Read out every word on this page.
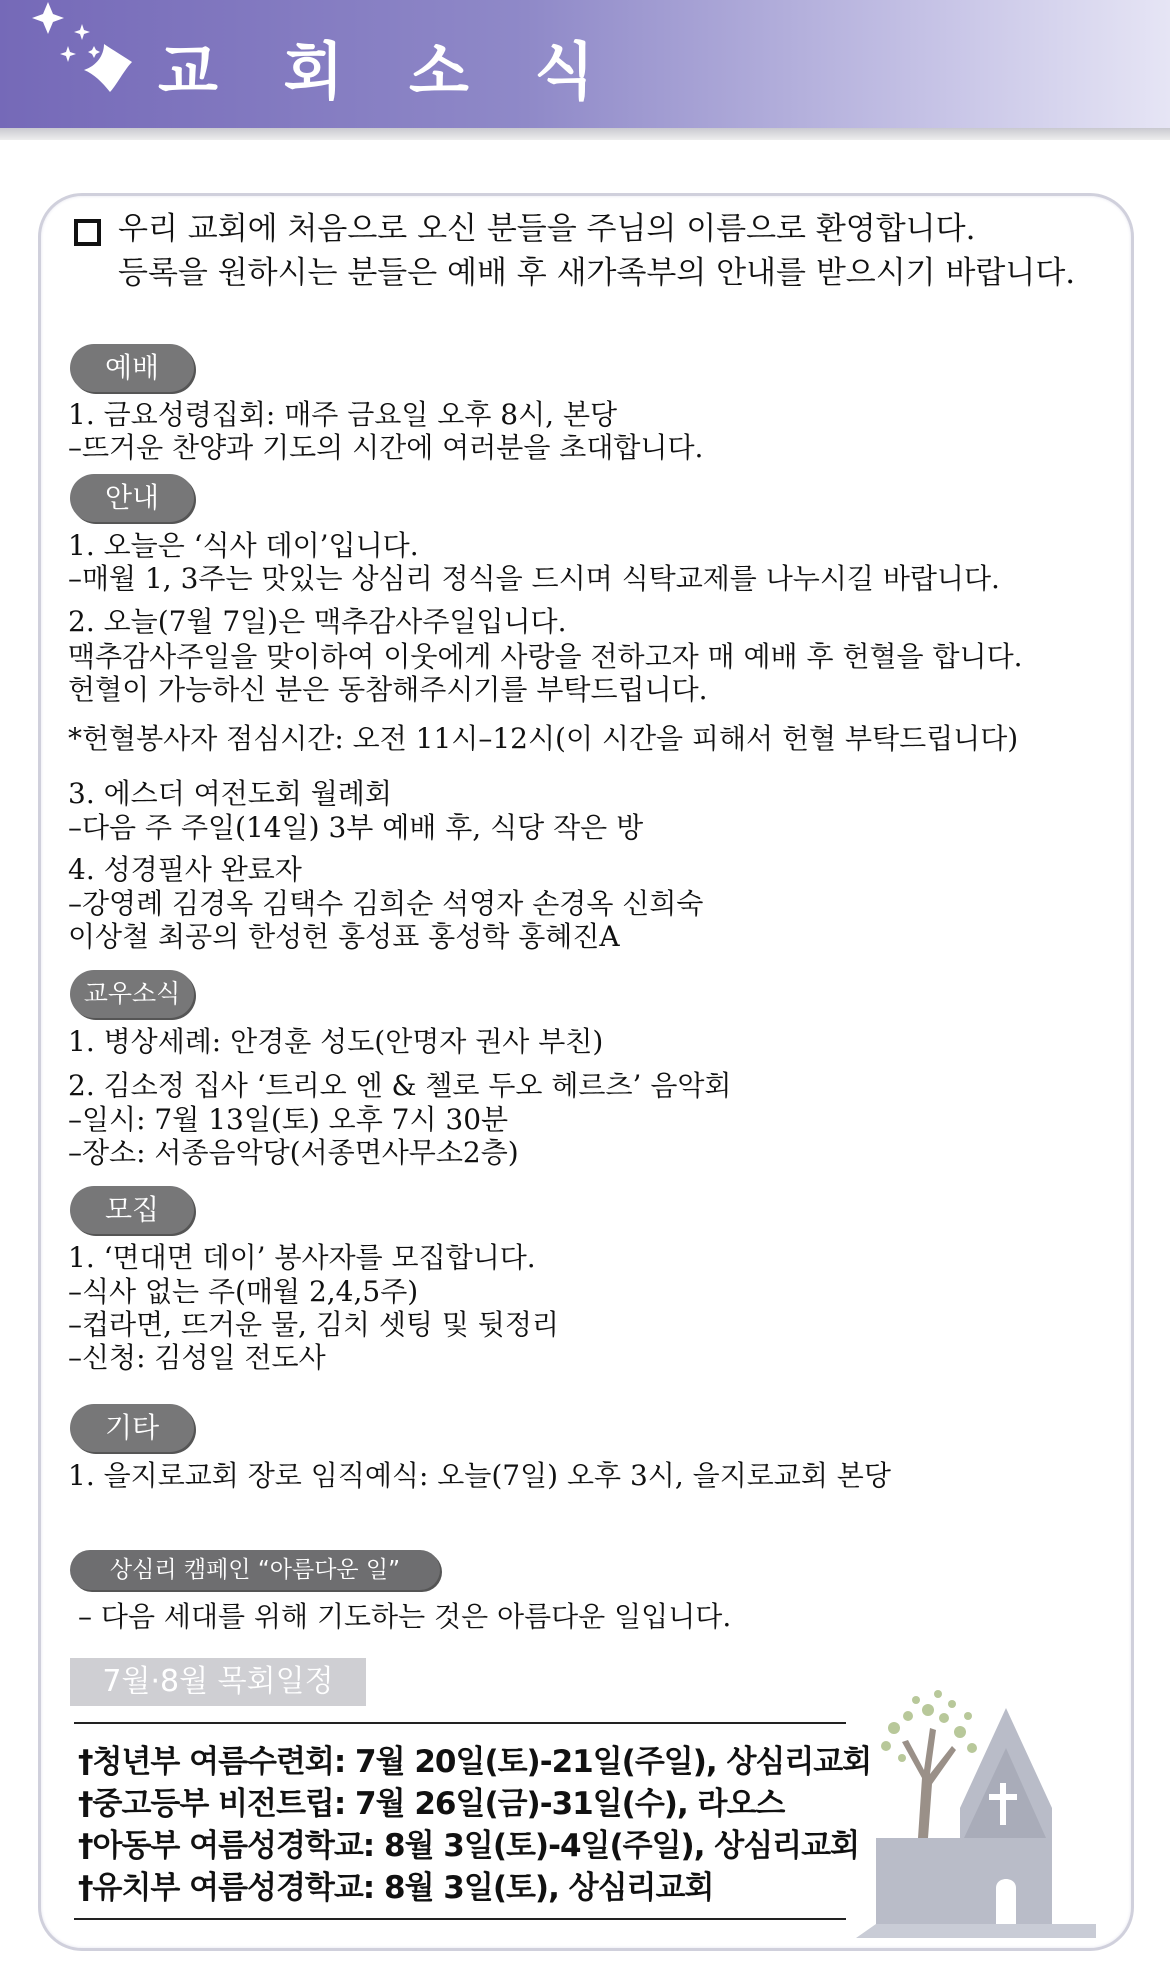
교 회 소 식
우리 교회에 처음으로 오신 분들을 주님의 이름으로 환영합니다.
등록을 원하시는 분들은 예배 후 새가족부의 안내를 받으시기 바랍니다.
예배
1. 금요성령집회: 매주 금요일 오후 8시, 본당
–뜨거운 찬양과 기도의 시간에 여러분을 초대합니다.
안내
1. 오늘은 ‘식사 데이’입니다.
–매월 1, 3주는 맛있는 상심리 정식을 드시며 식탁교제를 나누시길 바랍니다.
2. 오늘(7월 7일)은 맥추감사주일입니다.
맥추감사주일을 맞이하여 이웃에게 사랑을 전하고자 매 예배 후 헌혈을 합니다.
헌혈이 가능하신 분은 동참해주시기를 부탁드립니다.
*헌혈봉사자 점심시간: 오전 11시–12시(이 시간을 피해서 헌혈 부탁드립니다)
3. 에스더 여전도회 월례회
–다음 주 주일(14일) 3부 예배 후, 식당 작은 방
4. 성경필사 완료자
–강영례 김경옥 김택수 김희순 석영자 손경옥 신희숙
이상철 최공의 한성헌 홍성표 홍성학 홍혜진A
교우소식
1. 병상세례: 안경훈 성도(안명자 권사 부친)
2. 김소정 집사 ‘트리오 엔 & 첼로 두오 헤르츠’ 음악회
–일시: 7월 13일(토) 오후 7시 30분
–장소: 서종음악당(서종면사무소2층)
모집
1. ‘면대면 데이’ 봉사자를 모집합니다.
–식사 없는 주(매월 2,4,5주)
–컵라면, 뜨거운 물, 김치 셋팅 및 뒷정리
–신청: 김성일 전도사
기타
1. 을지로교회 장로 임직예식: 오늘(7일) 오후 3시, 을지로교회 본당
상심리 캠페인 “아름다운 일”
– 다음 세대를 위해 기도하는 것은 아름다운 일입니다.
7월·8월 목회일정
†청년부 여름수련회: 7월 20일(토)-21일(주일), 상심리교회
†중고등부 비전트립: 7월 26일(금)-31일(수), 라오스
†아동부 여름성경학교: 8월 3일(토)-4일(주일), 상심리교회
†유치부 여름성경학교: 8월 3일(토), 상심리교회
